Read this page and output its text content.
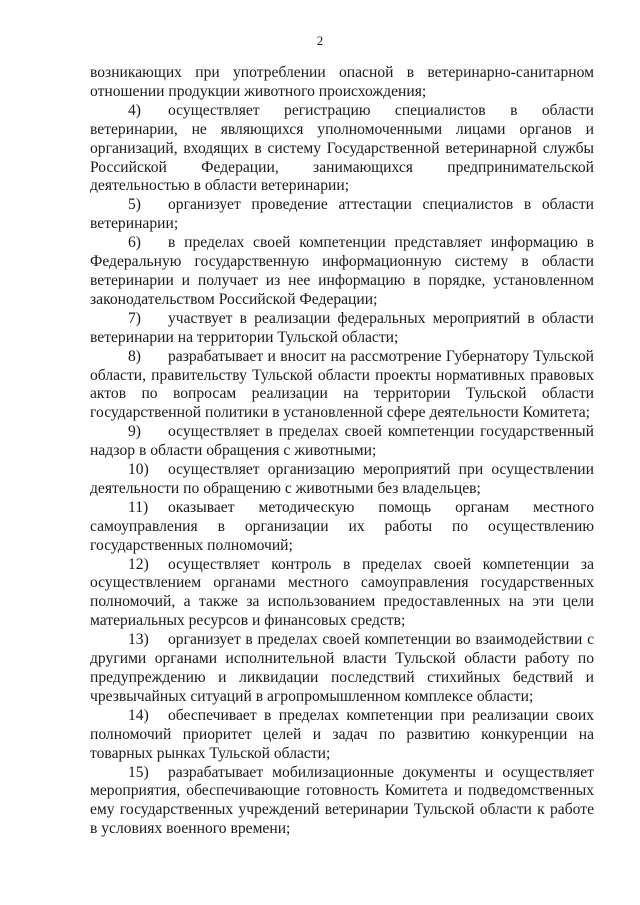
2

возникающих при употреблении опасной в ветеринарно-санитарном отношении продукции животного происхождения;

4) осуществляет регистрацию специалистов в области ветеринарии, не являющихся уполномоченными лицами органов и организаций, входящих в систему Государственной ветеринарной службы Российской Федерации, занимающихся предпринимательской деятельностью в области ветеринарии;

5) организует проведение аттестации специалистов в области ветеринарии;

6) в пределах своей компетенции представляет информацию в Федеральную государственную информационную систему в области ветеринарии и получает из нее информацию в порядке, установленном законодательством Российской Федерации;

7) участвует в реализации федеральных мероприятий в области ветеринарии на территории Тульской области;

8) разрабатывает и вносит на рассмотрение Губернатору Тульской области, правительству Тульской области проекты нормативных правовых актов по вопросам реализации на территории Тульской области государственной политики в установленной сфере деятельности Комитета;

9) осуществляет в пределах своей компетенции государственный надзор в области обращения с животными;

10) осуществляет организацию мероприятий при осуществлении деятельности по обращению с животными без владельцев;

11) оказывает методическую помощь органам местного самоуправления в организации их работы по осуществлению государственных полномочий;

12) осуществляет контроль в пределах своей компетенции за осуществлением органами местного самоуправления государственных полномочий, а также за использованием предоставленных на эти цели материальных ресурсов и финансовых средств;

13) организует в пределах своей компетенции во взаимодействии с другими органами исполнительной власти Тульской области работу по предупреждению и ликвидации последствий стихийных бедствий и чрезвычайных ситуаций в агропромышленном комплексе области;

14) обеспечивает в пределах компетенции при реализации своих полномочий приоритет целей и задач по развитию конкуренции на товарных рынках Тульской области;

15) разрабатывает мобилизационные документы и осуществляет мероприятия, обеспечивающие готовность Комитета и подведомственных ему государственных учреждений ветеринарии Тульской области к работе в условиях военного времени;
